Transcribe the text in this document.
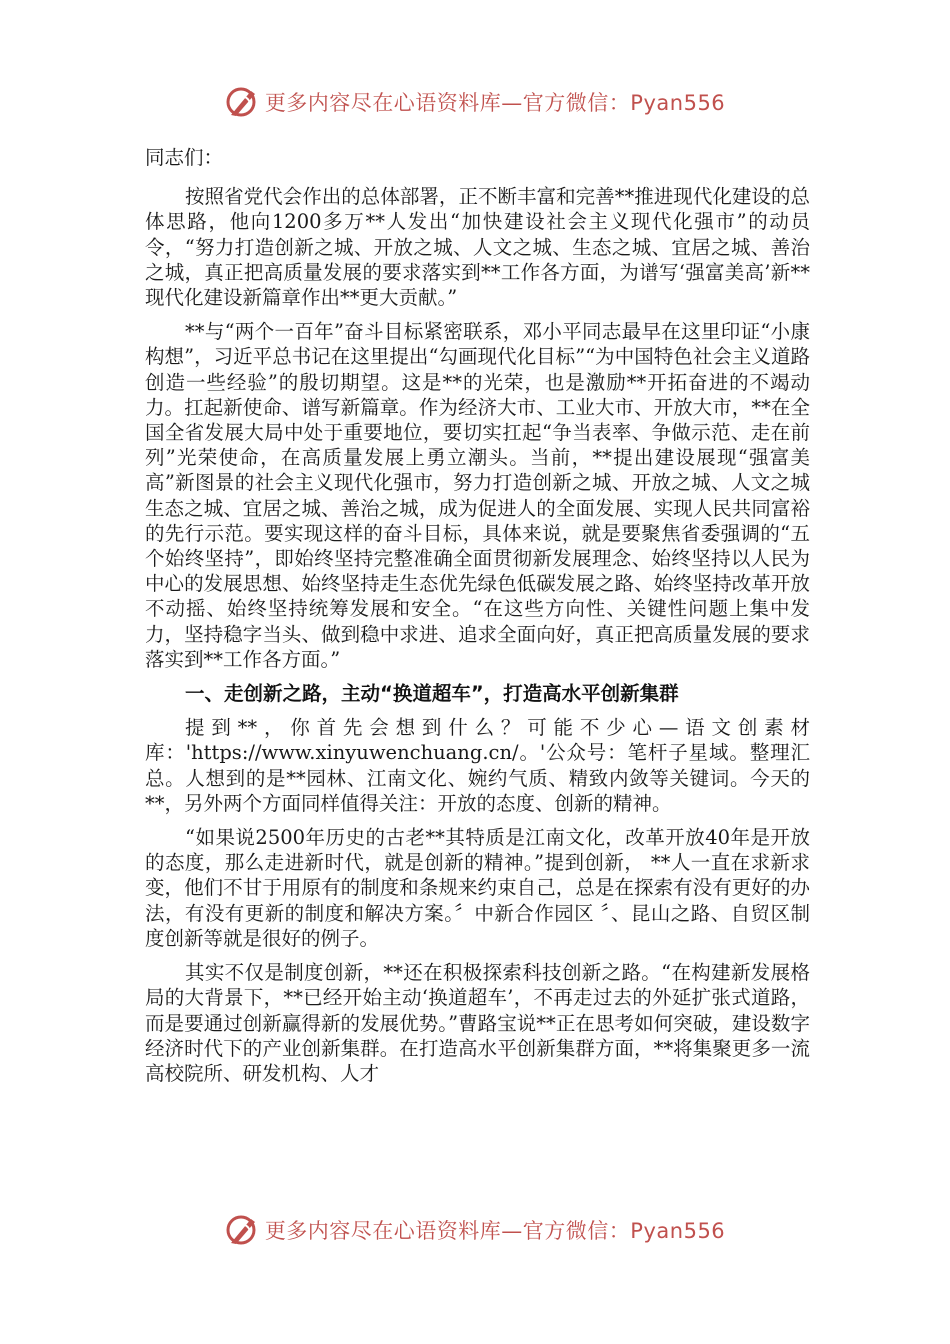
更多内容尽在心语资料库—官方微信：Pyan556

同志们：

按照省党代会作出的总体部署，正不断丰富和完善**推进现代化建设的总体思路，他向1200多万**人发出“加快建设社会主义现代化强市”的动员令，“努力打造创新之城、开放之城、人文之城、生态之城、宜居之城、善治之城，真正把高质量发展的要求落实到**工作各方面，为谱写‘强富美高’新**现代化建设新篇章作出**更大贡献。”

**与“两个一百年”奋斗目标紧密联系，邓小平同志最早在这里印证“小康构想”，习近平总书记在这里提出“勾画现代化目标”“为中国特色社会主义道路创造一些经验”的殷切期望。这是**的光荣，也是激励**开拓奋进的不竭动力。扛起新使命、谱写新篇章。作为经济大市、工业大市、开放大市，**在全国全省发展大局中处于重要地位，要切实扛起“争当表率、争做示范、走在前列”光荣使命，在高质量发展上勇立潮头。当前，**提出建设展现“强富美高”新图景的社会主义现代化强市，努力打造创新之城、开放之城、人文之城生态之城、宜居之城、善治之城，成为促进人的全面发展、实现人民共同富裕的先行示范。要实现这样的奋斗目标，具体来说，就是要聚焦省委强调的“五个始终坚持”，即始终坚持完整准确全面贯彻新发展理念、始终坚持以人民为中心的发展思想、始终坚持走生态优先绿色低碳发展之路、始终坚持改革开放不动摇、始终坚持统筹发展和安全。“在这些方向性、关键性问题上集中发力，坚持稳字当头、做到稳中求进、追求全面向好，真正把高质量发展的要求落实到**工作各方面。”

一、走创新之路，主动“换道超车”，打造高水平创新集群

提到**，你首先会想到什么？可能不少心—语文创素材库：'https://www.xinyuwenchuang.cn/。'公众号：笔杆子星域。整理汇总。人想到的是**园林、江南文化、婉约气质、精致内敛等关键词。今天的**，另外两个方面同样值得关注：开放的态度、创新的精神。

“如果说2500年历史的古老**其特质是江南文化，改革开放40年是开放的态度，那么走进新时代，就是创新的精神。”提到创新， **人一直在求新求变，他们不甘于用原有的制度和条规来约束自己，总是在探索有没有更好的办法，有没有更新的制度和解决方案。〞中新合作园区 〞、昆山之路、自贸区制度创新等就是很好的例子。

其实不仅是制度创新，**还在积极探索科技创新之路。“在构建新发展格局的大背景下，**已经开始主动‘换道超车’，不再走过去的外延扩张式道路，而是要通过创新赢得新的发展优势。”曹路宝说**正在思考如何突破，建设数字经济时代下的产业创新集群。在打造高水平创新集群方面，**将集聚更多一流高校院所、研发机构、人才

更多内容尽在心语资料库—官方微信：Pyan556
